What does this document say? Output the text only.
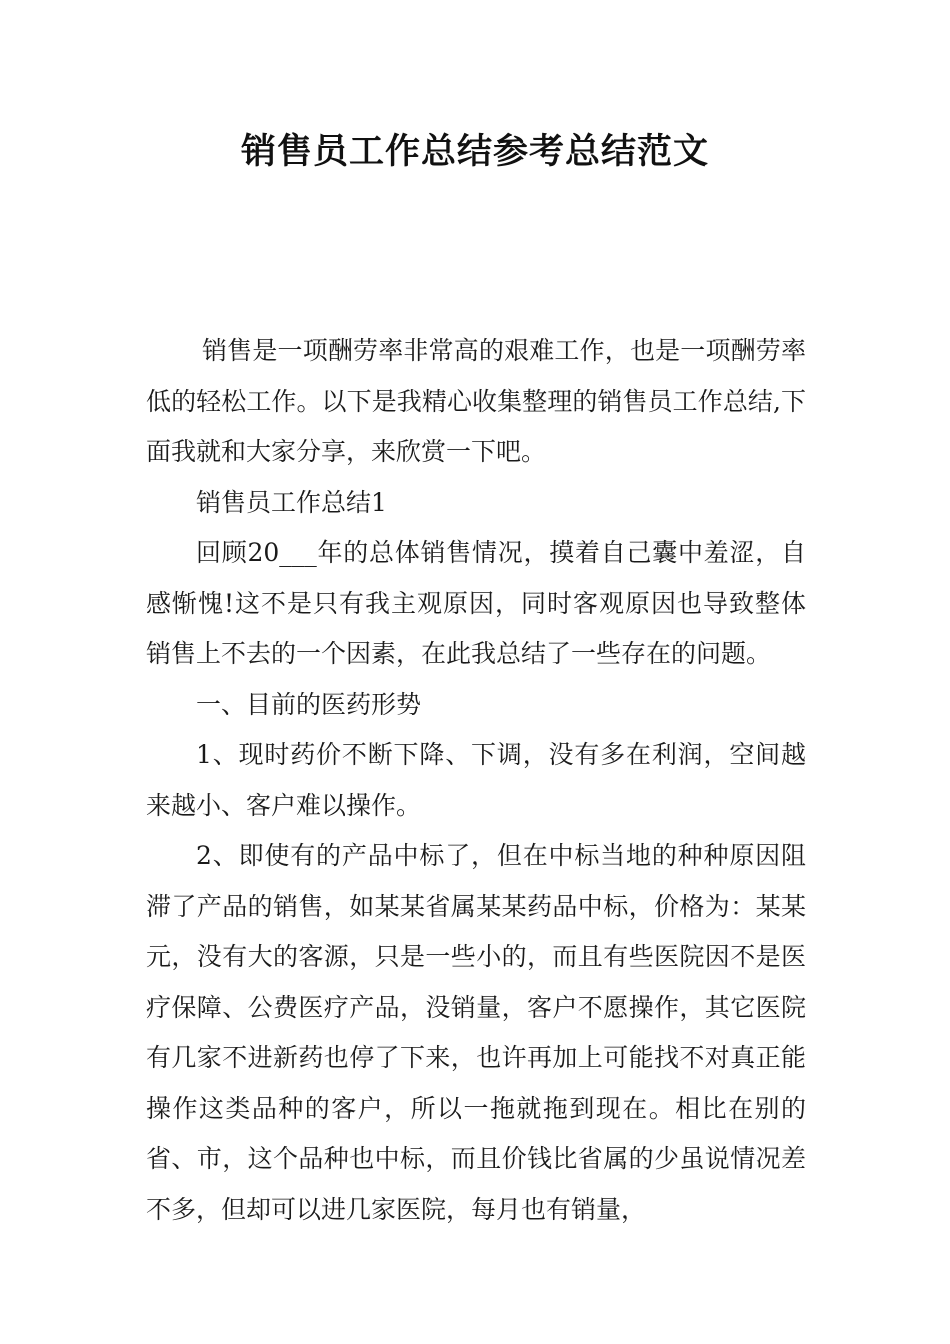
销售员工作总结参考总结范文

销售是一项酬劳率非常高的艰难工作，也是一项酬劳率低的轻松工作。以下是我精心收集整理的销售员工作总结,下面我就和大家分享，来欣赏一下吧。

销售员工作总结1

回顾20___年的总体销售情况，摸着自己囊中羞涩，自感惭愧!这不是只有我主观原因，同时客观原因也导致整体销售上不去的一个因素，在此我总结了一些存在的问题。

一、目前的医药形势

1、现时药价不断下降、下调，没有多在利润，空间越来越小、客户难以操作。

2、即使有的产品中标了，但在中标当地的种种原因阻滞了产品的销售，如某某省属某某药品中标，价格为：某某元，没有大的客源，只是一些小的，而且有些医院因不是医疗保障、公费医疗产品，没销量，客户不愿操作，其它医院有几家不进新药也停了下来，也许再加上可能找不对真正能操作这类品种的客户，所以一拖就拖到现在。相比在别的省、市，这个品种也中标，而且价钱比省属的少虽说情况差不多，但却可以进几家医院，每月也有销量，
